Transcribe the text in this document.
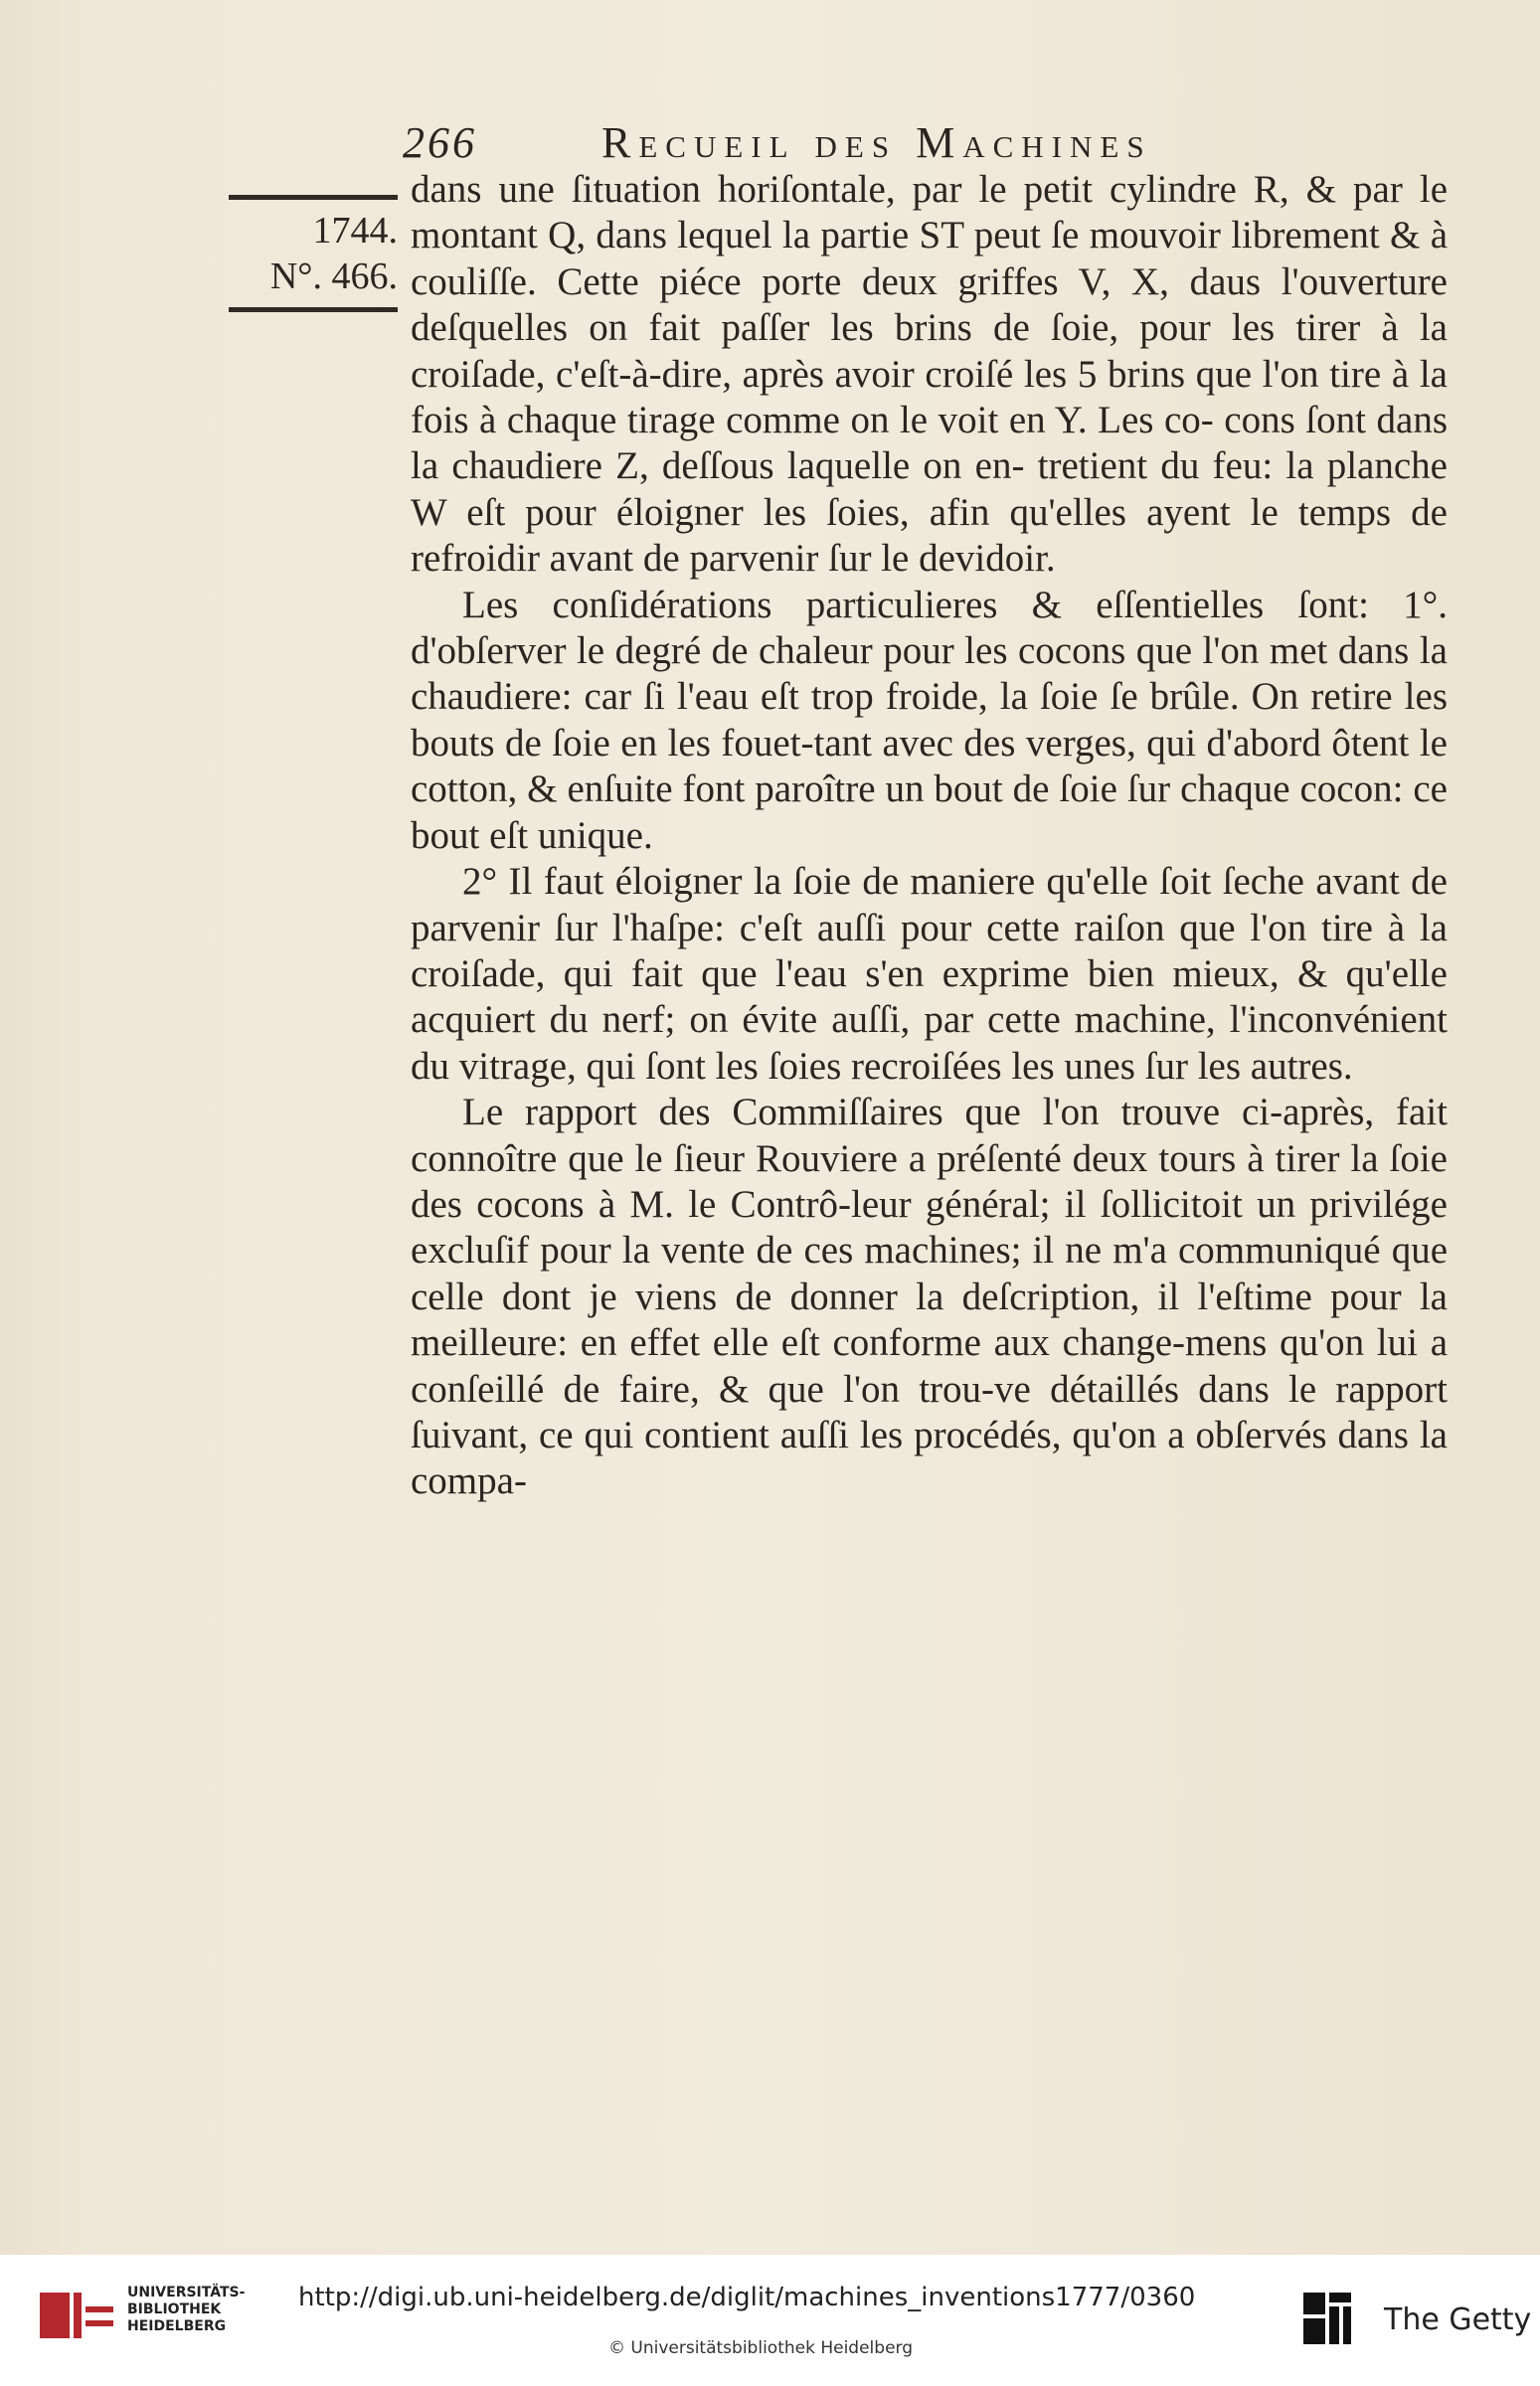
266	Recueil des Machines
1744.
N°. 466.

dans une ſituation horiſontale, par le petit cylindre R, & par le montant Q, dans lequel la partie ST peut ſe mouvoir librement & à couliſſe. Cette piéce porte deux griffes V, X, daus l'ouverture deſquelles on fait paſſer les brins de ſoie, pour les tirer à la croiſade, c'eſt-à-dire, après avoir croiſé les 5 brins que l'on tire à la fois à chaque tirage comme on le voit en Y. Les co- cons ſont dans la chaudiere Z, deſſous laquelle on en- tretient du feu: la planche W eſt pour éloigner les ſoies, afin qu'elles ayent le temps de refroidir avant de parvenir ſur le devidoir.

Les conſidérations particulieres & eſſentielles ſont: 1°. d'obſerver le degré de chaleur pour les cocons que l'on met dans la chaudiere: car ſi l'eau eſt trop froide, la ſoie ſe brûle. On retire les bouts de ſoie en les fouet-tant avec des verges, qui d'abord ôtent le cotton, & enſuite font paroître un bout de ſoie ſur chaque cocon: ce bout eſt unique.

2° Il faut éloigner la ſoie de maniere qu'elle ſoit ſeche avant de parvenir ſur l'haſpe: c'eſt auſſi pour cette raiſon que l'on tire à la croiſade, qui fait que l'eau s'en exprime bien mieux, & qu'elle acquiert du nerf; on évite auſſi, par cette machine, l'inconvénient du vitrage, qui ſont les ſoies recroiſées les unes ſur les autres.

Le rapport des Commiſſaires que l'on trouve ci-après, fait connoître que le ſieur Rouviere a préſenté deux tours à tirer la ſoie des cocons à M. le Contrô-leur général; il ſollicitoit un privilége excluſif pour la vente de ces machines; il ne m'a communiqué que celle dont je viens de donner la deſcription, il l'eſtime pour la meilleure: en effet elle eſt conforme aux change-mens qu'on lui a conſeillé de faire, & que l'on trou-ve détaillés dans le rapport ſuivant, ce qui contient auſſi les procédés, qu'on a obſervés dans la compa-

UNIVERSITÄTS-
BIBLIOTHEK
HEIDELBERG
http://digi.ub.uni-heidelberg.de/diglit/machines_inventions1777/0360
© Universitätsbibliothek Heidelberg
The Getty
